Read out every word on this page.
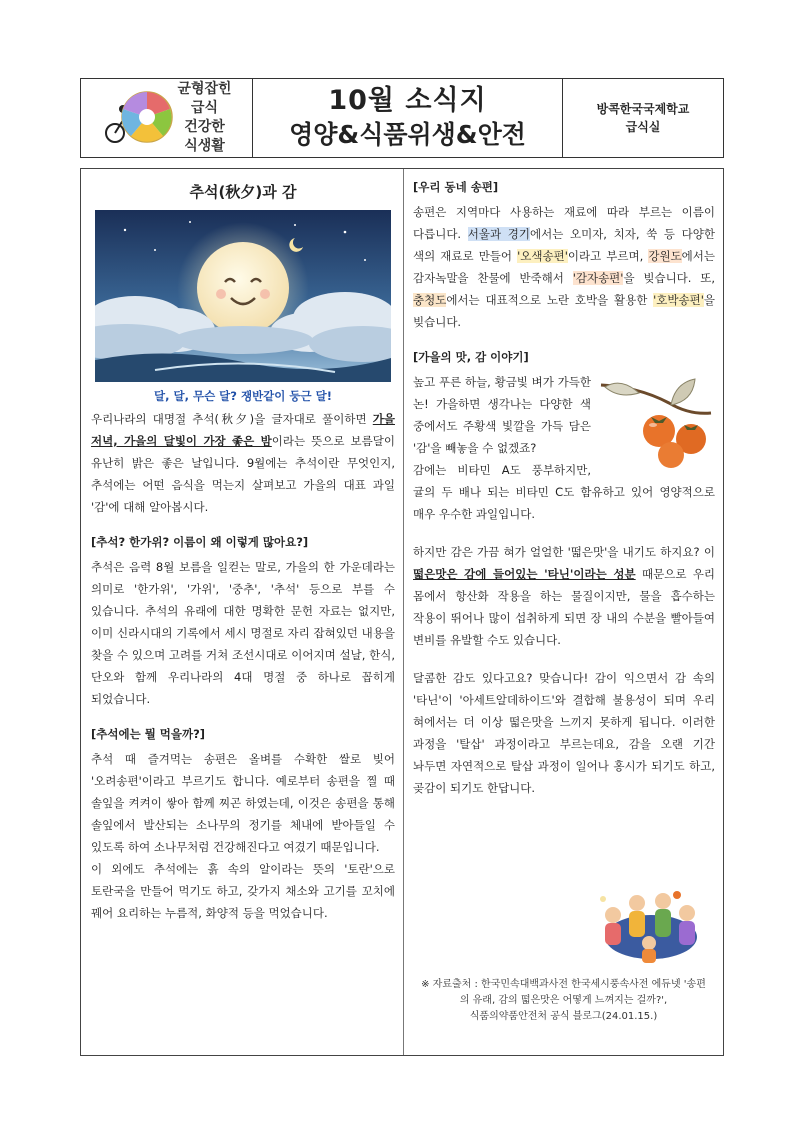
균형잡힌
급식
건강한
식생활
10월 소식지
영양&식품위생&안전
방콕한국국제학교
급식실
추석(秋夕)과 감
달, 달, 무슨 달? 쟁반같이 둥근 달!

우리나라의 대명절 추석(秋夕)을 글자대로 풀이하면 가을 저녁, 가을의 달빛이 가장 좋은 밤이라는 뜻으로 보름달이 유난히 밝은 좋은 날입니다. 9월에는 추석이란 무엇인지, 추석에는 어떤 음식을 먹는지 살펴보고 가을의 대표 과일 '감'에 대해 알아봅시다.

[추석? 한가위? 이름이 왜 이렇게 많아요?]

추석은 음력 8월 보름을 일컫는 말로, 가을의 한 가운데라는 의미로 '한가위', '가위', '중추', '추석' 등으로 부를 수 있습니다. 추석의 유래에 대한 명확한 문헌 자료는 없지만, 이미 신라시대의 기록에서 세시 명절로 자리 잡혀있던 내용을 찾을 수 있으며 고려를 거쳐 조선시대로 이어지며 설날, 한식, 단오와 함께 우리나라의 4대 명절 중 하나로 꼽히게 되었습니다.

[추석에는 뭘 먹을까?]

추석 때 즐겨먹는 송편은 올벼를 수확한 쌀로 빚어 '오려송편'이라고 부르기도 합니다. 예로부터 송편을 찔 때 솔잎을 켜켜이 쌓아 함께 찌곤 하였는데, 이것은 송편을 통해 솔잎에서 발산되는 소나무의 정기를 체내에 받아들일 수 있도록 하여 소나무처럼 건강해진다고 여겼기 때문입니다.

이 외에도 추석에는 흙 속의 알이라는 뜻의 '토란'으로 토란국을 만들어 먹기도 하고, 갖가지 채소와 고기를 꼬치에 꿰어 요리하는 누름적, 화양적 등을 먹었습니다.

[우리 동네 송편]

송편은 지역마다 사용하는 재료에 따라 부르는 이름이 다릅니다. 서울과 경기에서는 오미자, 치자, 쑥 등 다양한 색의 재료로 만들어 '오색송편'이라고 부르며, 강원도에서는 감자녹말을 찬물에 반죽해서 '감자송편'을 빚습니다. 또, 충청도에서는 대표적으로 노란 호박을 활용한 '호박송편'을 빚습니다.

[가을의 맛, 감 이야기]

높고 푸른 하늘, 황금빛 벼가 가득한 논! 가을하면 생각나는 다양한 색 중에서도 주황색 빛깔을 가득 담은 '감'을 빼놓을 수 없겠죠?

감에는 비타민 A도 풍부하지만, 귤의 두 배나 되는 비타민 C도 함유하고 있어 영양적으로 매우 우수한 과일입니다.

하지만 감은 가끔 혀가 얼얼한 '떫은맛'을 내기도 하지요? 이 떫은맛은 감에 들어있는 '타닌'이라는 성분 때문으로 우리 몸에서 항산화 작용을 하는 물질이지만, 물을 흡수하는 작용이 뛰어나 많이 섭취하게 되면 장 내의 수분을 빨아들여 변비를 유발할 수도 있습니다.

달콤한 감도 있다고요? 맞습니다! 감이 익으면서 감 속의 '타닌'이 '아세트알데하이드'와 결합해 불용성이 되며 우리 혀에서는 더 이상 떫은맛을 느끼지 못하게 됩니다. 이러한 과정을 '탈삽' 과정이라고 부르는데요, 감을 오랜 기간 놔두면 자연적으로 탈삽 과정이 일어나 홍시가 되기도 하고, 곶감이 되기도 한답니다.

※ 자료출처 : 한국민속대백과사전 한국세시풍속사전 에듀넷 '송편
의 유래, 감의 떫은맛은 어떻게 느껴지는 걸까?',
식품의약품안전처 공식 블로그(24.01.15.)
